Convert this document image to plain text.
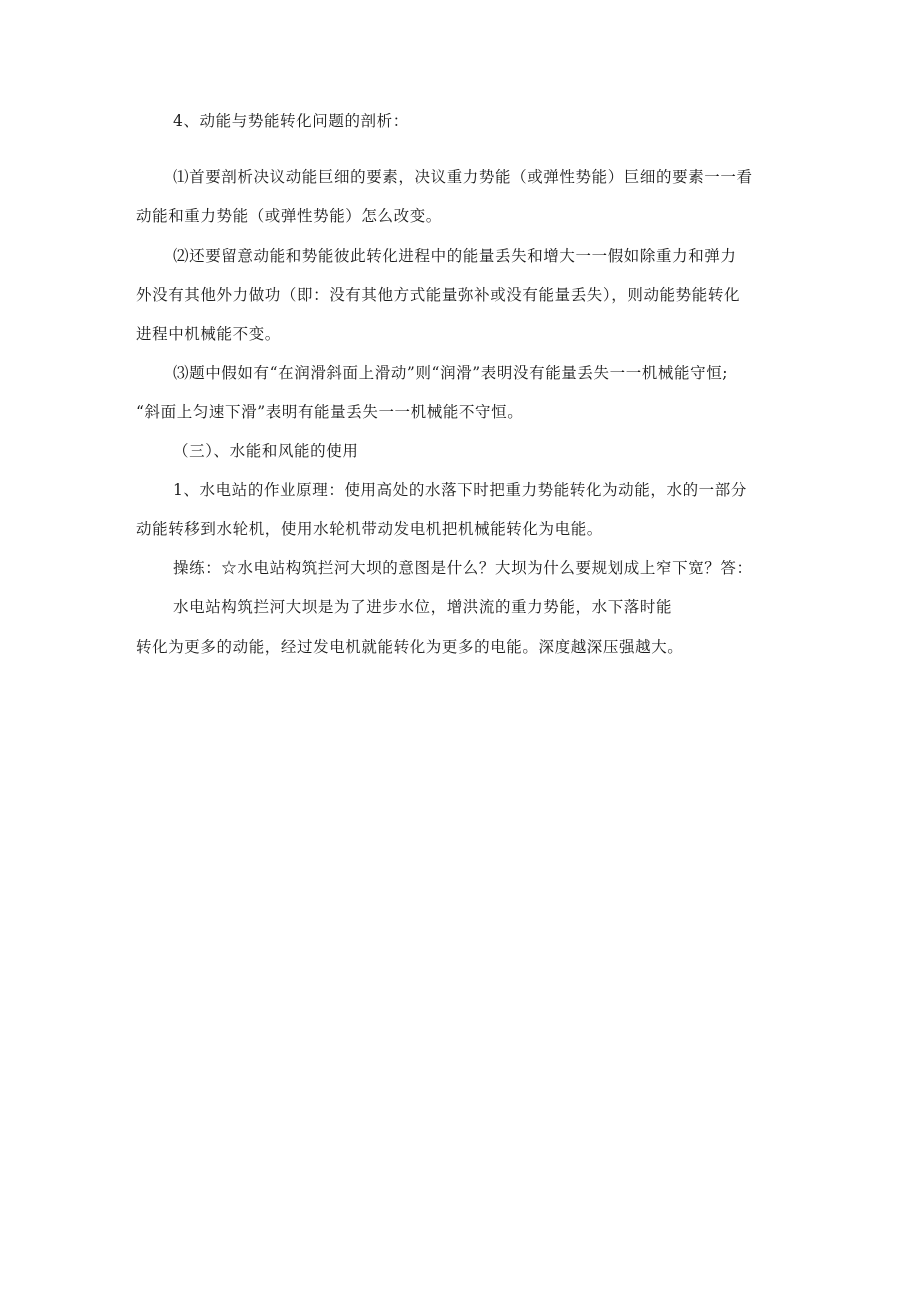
4、动能与势能转化问题的剖析：
⑴首要剖析决议动能巨细的要素，决议重力势能（或弹性势能）巨细的要素一一看
动能和重力势能（或弹性势能）怎么改变。
⑵还要留意动能和势能彼此转化进程中的能量丢失和增大一一假如除重力和弹力
外没有其他外力做功（即：没有其他方式能量弥补或没有能量丢失），则动能势能转化
进程中机械能不变。
⑶题中假如有“在润滑斜面上滑动”则“润滑”表明没有能量丢失一一机械能守恒;
“斜面上匀速下滑”表明有能量丢失一一机械能不守恒。
（三）、水能和风能的使用
1、水电站的作业原理：使用高处的水落下时把重力势能转化为动能，水的一部分
动能转移到水轮机，使用水轮机带动发电机把机械能转化为电能。
操练：☆水电站构筑拦河大坝的意图是什么？大坝为什么要规划成上窄下宽？答：
水电站构筑拦河大坝是为了进步水位，增洪流的重力势能，水下落时能
转化为更多的动能，经过发电机就能转化为更多的电能。深度越深压强越大。
